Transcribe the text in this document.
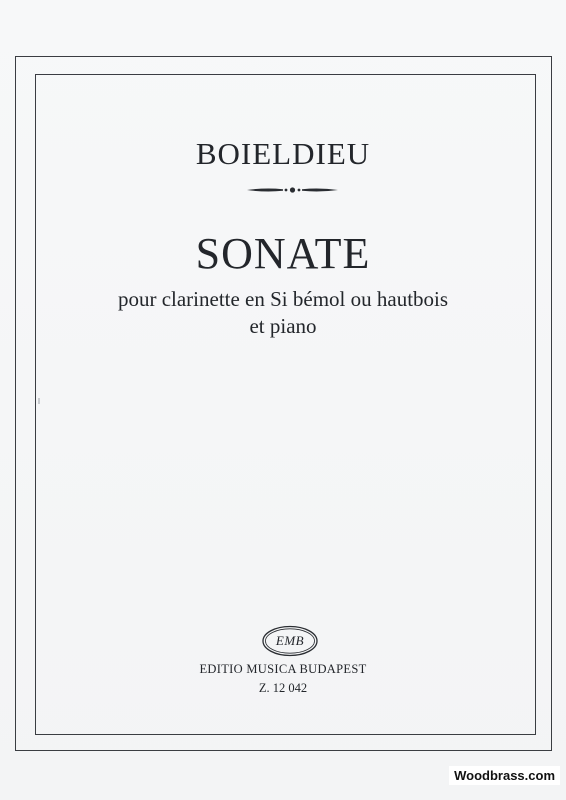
BOIELDIEU
SONATE
pour clarinette en Si bémol ou hautbois
et piano
EMB
EDITIO MUSICA BUDAPEST
Z. 12 042
Woodbrass.com
